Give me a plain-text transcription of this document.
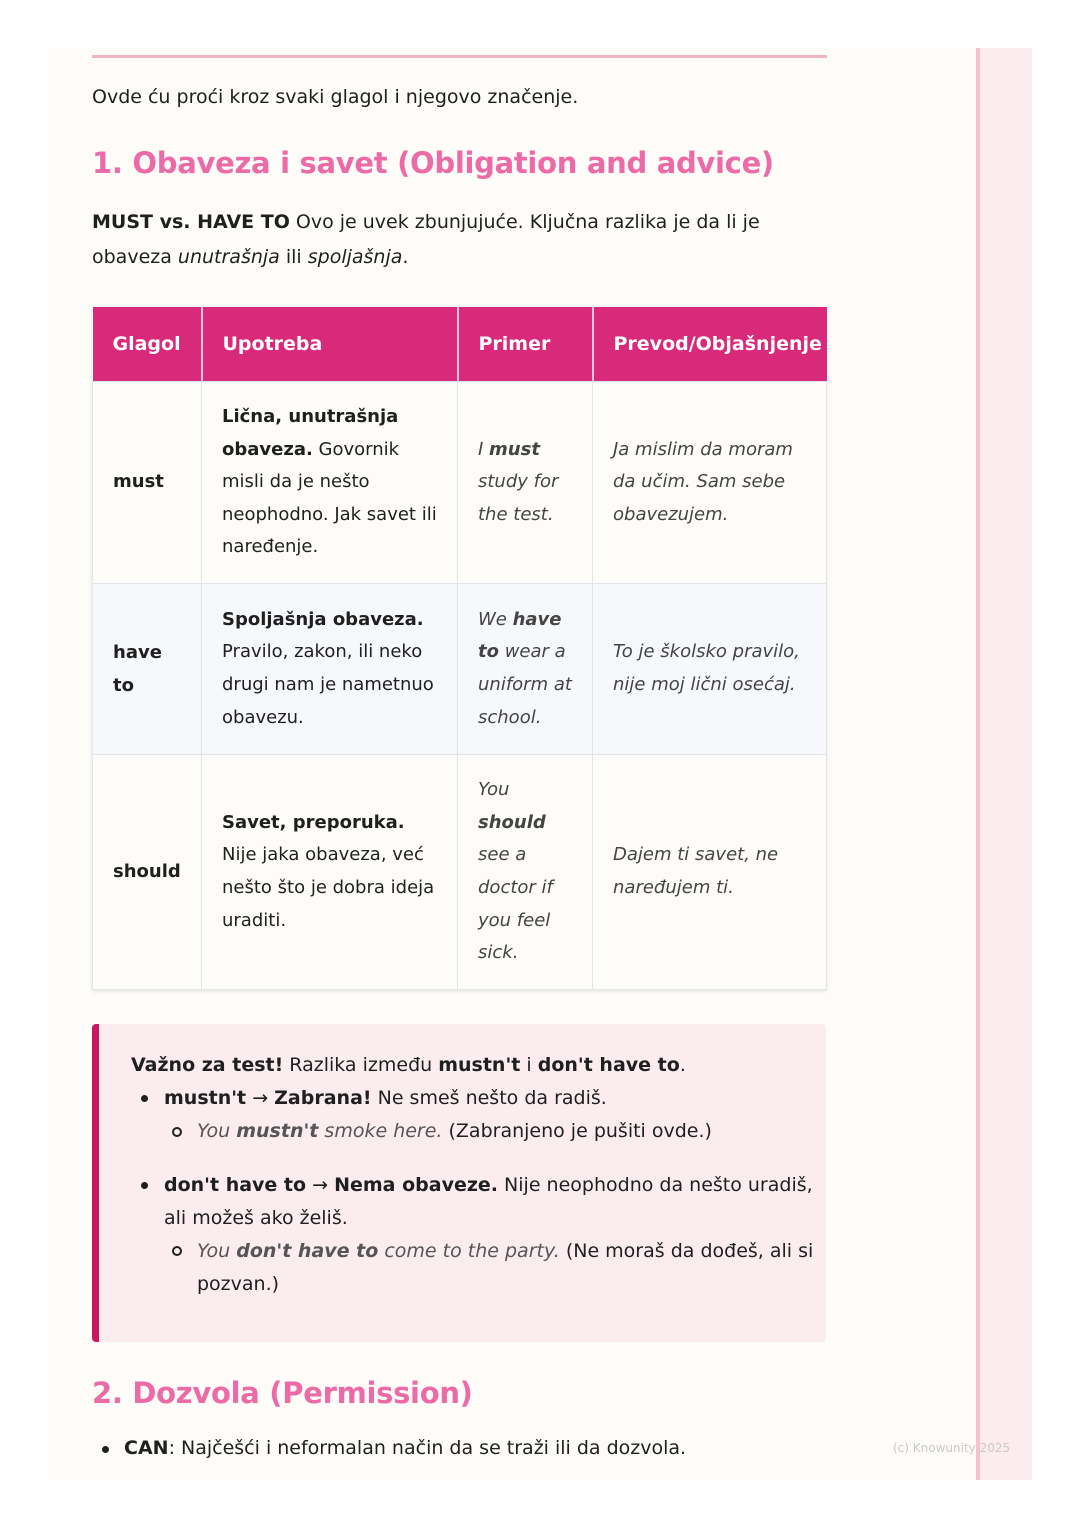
Ovde ću proći kroz svaki glagol i njegovo značenje.
1. Obaveza i savet (Obligation and advice)
MUST vs. HAVE TO Ovo je uvek zbunjujuće. Ključna razlika je da li je obaveza unutrašnja ili spoljašnja.
Glagol	Upotreba	Primer	Prevod/Objašnjenje
must	Lična, unutrašnja obaveza. Govornik misli da je nešto neophodno. Jak savet ili naređenje.	I must study for the test.	Ja mislim da moram da učim. Sam sebe obavezujem.
have to	Spoljašnja obaveza. Pravilo, zakon, ili neko drugi nam je nametnuo obavezu.	We have to wear a uniform at school.	To je školsko pravilo, nije moj lični osećaj.
should	Savet, preporuka. Nije jaka obaveza, već nešto što je dobra ideja uraditi.	You should see a doctor if you feel sick.	Dajem ti savet, ne naređujem ti.
Važno za test! Razlika između mustn't i don't have to.
mustn't → Zabrana! Ne smeš nešto da radiš.
You mustn't smoke here. (Zabranjeno je pušiti ovde.)
don't have to → Nema obaveze. Nije neophodno da nešto uradiš,
ali možeš ako želiš.
You don't have to come to the party. (Ne moraš da dođeš, ali si
pozvan.)
2. Dozvola (Permission)
CAN: Najčešći i neformalan način da se traži ili da dozvola.	(c) Knowunity 2025
